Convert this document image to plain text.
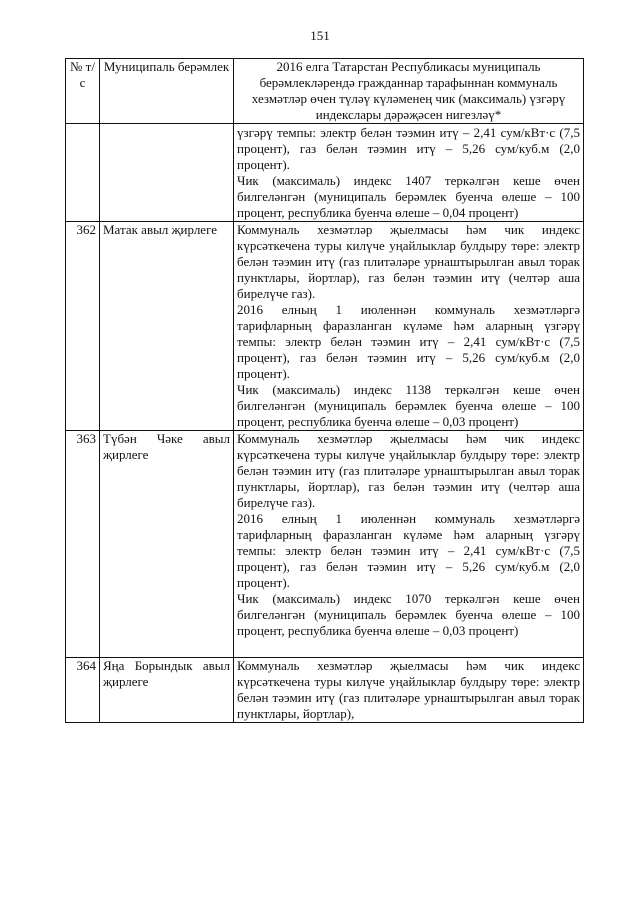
151
№ т/с	Муниципаль берәмлек	2016 елга Татарстан Республикасы муниципаль берәмлекләрендә гражданнар тарафыннан коммуналь хезмәтләр өчен түләү күләменең чик (максималь) үзгәрү индекслары дәрәҗәсен нигезләү*

		үзгәрү темпы: электр белән тәэмин итү – 2,41 сум/кВт·с (7,5 процент), газ белән тәэмин итү – 5,26 сум/куб.м (2,0 процент).

Чик (максималь) индекс 1407 теркәлгән кеше өчен билгеләнгән (муниципаль берәмлек буенча өлеше – 100 процент, республика буенча өлеше – 0,04 процент)

362	Матак авыл җирлеге	Коммуналь хезмәтләр җыелмасы һәм чик индекс күрсәткечена туры килүче уңайлыклар булдыру төре: электр белән тәэмин итү (газ плитәләре урнаштырылган авыл торак пунктлары, йортлар), газ белән тәэмин итү (челтәр аша бирелүче газ).

2016 елның 1 июленнән коммуналь хезмәтләргә тарифларның фаразланган күләме һәм аларның үзгәрү темпы: электр белән тәэмин итү – 2,41 сум/кВт·с (7,5 процент), газ белән тәэмин итү – 5,26 сум/куб.м (2,0 процент).

Чик (максималь) индекс 1138 теркәлгән кеше өчен билгеләнгән (муниципаль берәмлек буенча өлеше – 100 процент, республика буенча өлеше – 0,03 процент)

363	Түбән Чәке авыл җирлеге	Коммуналь хезмәтләр җыелмасы һәм чик индекс күрсәткечена туры килүче уңайлыклар булдыру төре: электр белән тәэмин итү (газ плитәләре урнаштырылган авыл торак пунктлары, йортлар), газ белән тәэмин итү (челтәр аша бирелүче газ).

2016 елның 1 июленнән коммуналь хезмәтләргә тарифларның фаразланган күләме һәм аларның үзгәрү темпы: электр белән тәэмин итү – 2,41 сум/кВт·с (7,5 процент), газ белән тәэмин итү – 5,26 сум/куб.м (2,0 процент).

Чик (максималь) индекс 1070 теркәлгән кеше өчен билгеләнгән (муниципаль берәмлек буенча өлеше – 100 процент, республика буенча өлеше – 0,03 процент)

364	Яңа Борындык авыл җирлеге	Коммуналь хезмәтләр җыелмасы һәм чик индекс күрсәткечена туры килүче уңайлыклар булдыру төре: электр белән тәэмин итү (газ плитәләре урнаштырылган авыл торак пунктлары, йортлар),
